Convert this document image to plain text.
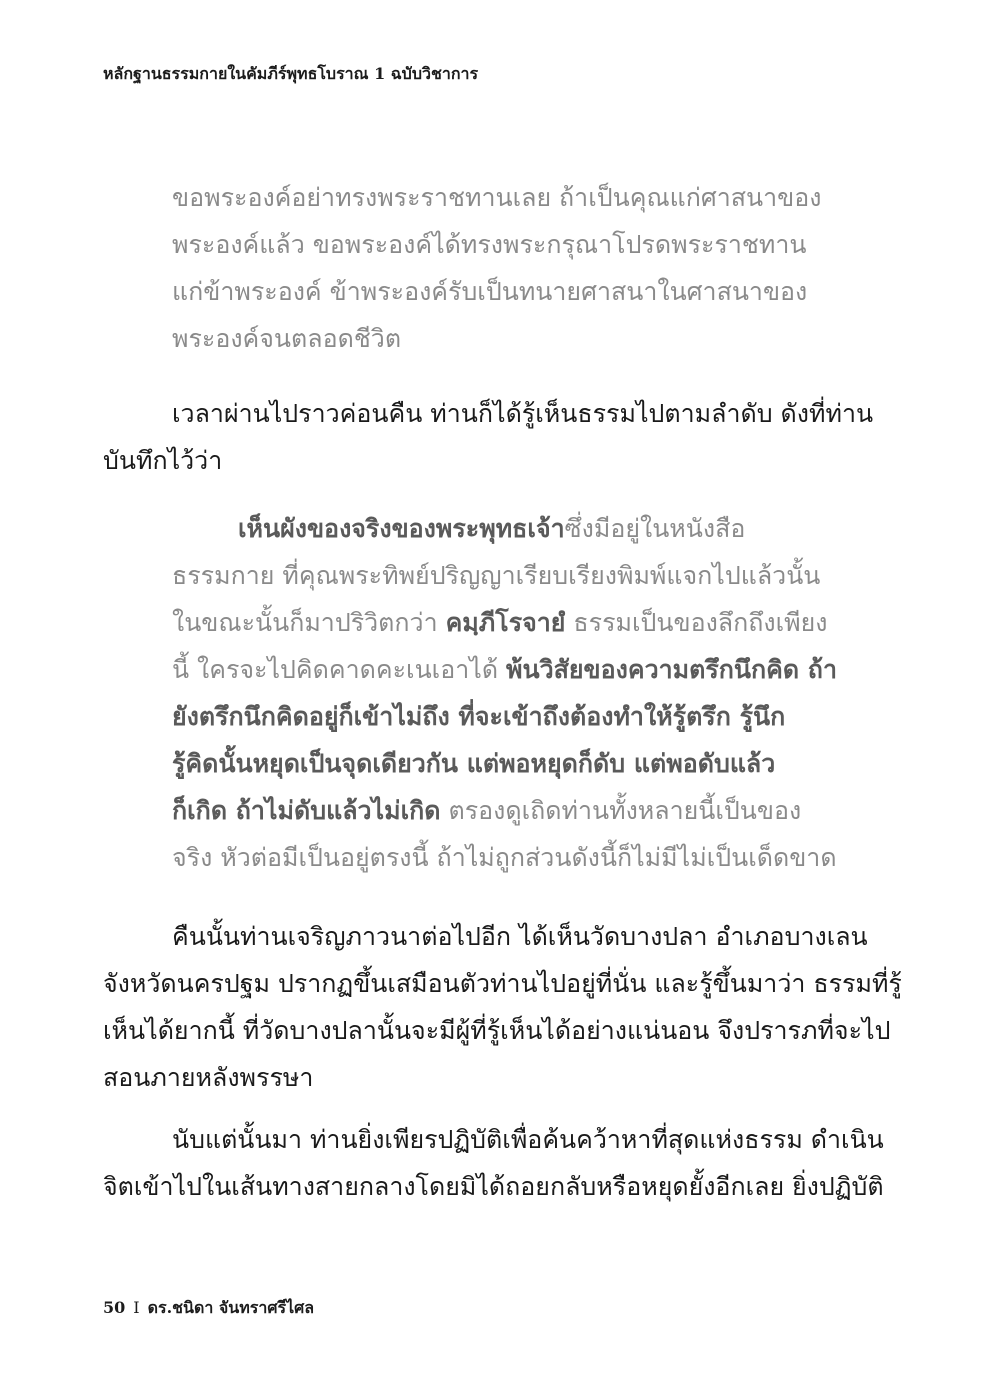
หลักฐานธรรมกายในคัมภีร์พุทธโบราณ 1 ฉบับวิชาการ
ขอพระองค์อย่าทรงพระราชทานเลย ถ้าเป็นคุณแก่ศาสนาของ
พระองค์แล้ว ขอพระองค์ได้ทรงพระกรุณาโปรดพระราชทาน
แก่ข้าพระองค์ ข้าพระองค์รับเป็นทนายศาสนาในศาสนาของ
พระองค์จนตลอดชีวิต
เวลาผ่านไปราวค่อนคืน ท่านก็ได้รู้เห็นธรรมไปตามลำดับ ดังที่ท่าน
บันทึกไว้ว่า
เห็นผังของจริงของพระพุทธเจ้าซึ่งมีอยู่ในหนังสือ
ธรรมกาย ที่คุณพระทิพย์ปริญญาเรียบเรียงพิมพ์แจกไปแล้วนั้น
ในขณะนั้นก็มาปริวิตกว่า คมฺภีโรจายํ ธรรมเป็นของลึกถึงเพียง
นี้ ใครจะไปคิดคาดคะเนเอาได้ พ้นวิสัยของความตรึกนึกคิด ถ้า
ยังตรึกนึกคิดอยู่ก็เข้าไม่ถึง ที่จะเข้าถึงต้องทำให้รู้ตรึก รู้นึก
รู้คิดนั้นหยุดเป็นจุดเดียวกัน แต่พอหยุดก็ดับ แต่พอดับแล้ว
ก็เกิด ถ้าไม่ดับแล้วไม่เกิด ตรองดูเถิดท่านทั้งหลายนี้เป็นของ
จริง หัวต่อมีเป็นอยู่ตรงนี้ ถ้าไม่ถูกส่วนดังนี้ก็ไม่มีไม่เป็นเด็ดขาด
คืนนั้นท่านเจริญภาวนาต่อไปอีก ได้เห็นวัดบางปลา อำเภอบางเลน
จังหวัดนครปฐม ปรากฏขึ้นเสมือนตัวท่านไปอยู่ที่นั่น และรู้ขึ้นมาว่า ธรรมที่รู้
เห็นได้ยากนี้ ที่วัดบางปลานั้นจะมีผู้ที่รู้เห็นได้อย่างแน่นอน จึงปรารภที่จะไป
สอนภายหลังพรรษา
นับแต่นั้นมา ท่านยิ่งเพียรปฏิบัติเพื่อค้นคว้าหาที่สุดแห่งธรรม ดำเนิน
จิตเข้าไปในเส้นทางสายกลางโดยมิได้ถอยกลับหรือหยุดยั้งอีกเลย ยิ่งปฏิบัติ
50 I ดร.ชนิดา จันทราศรีไศล
